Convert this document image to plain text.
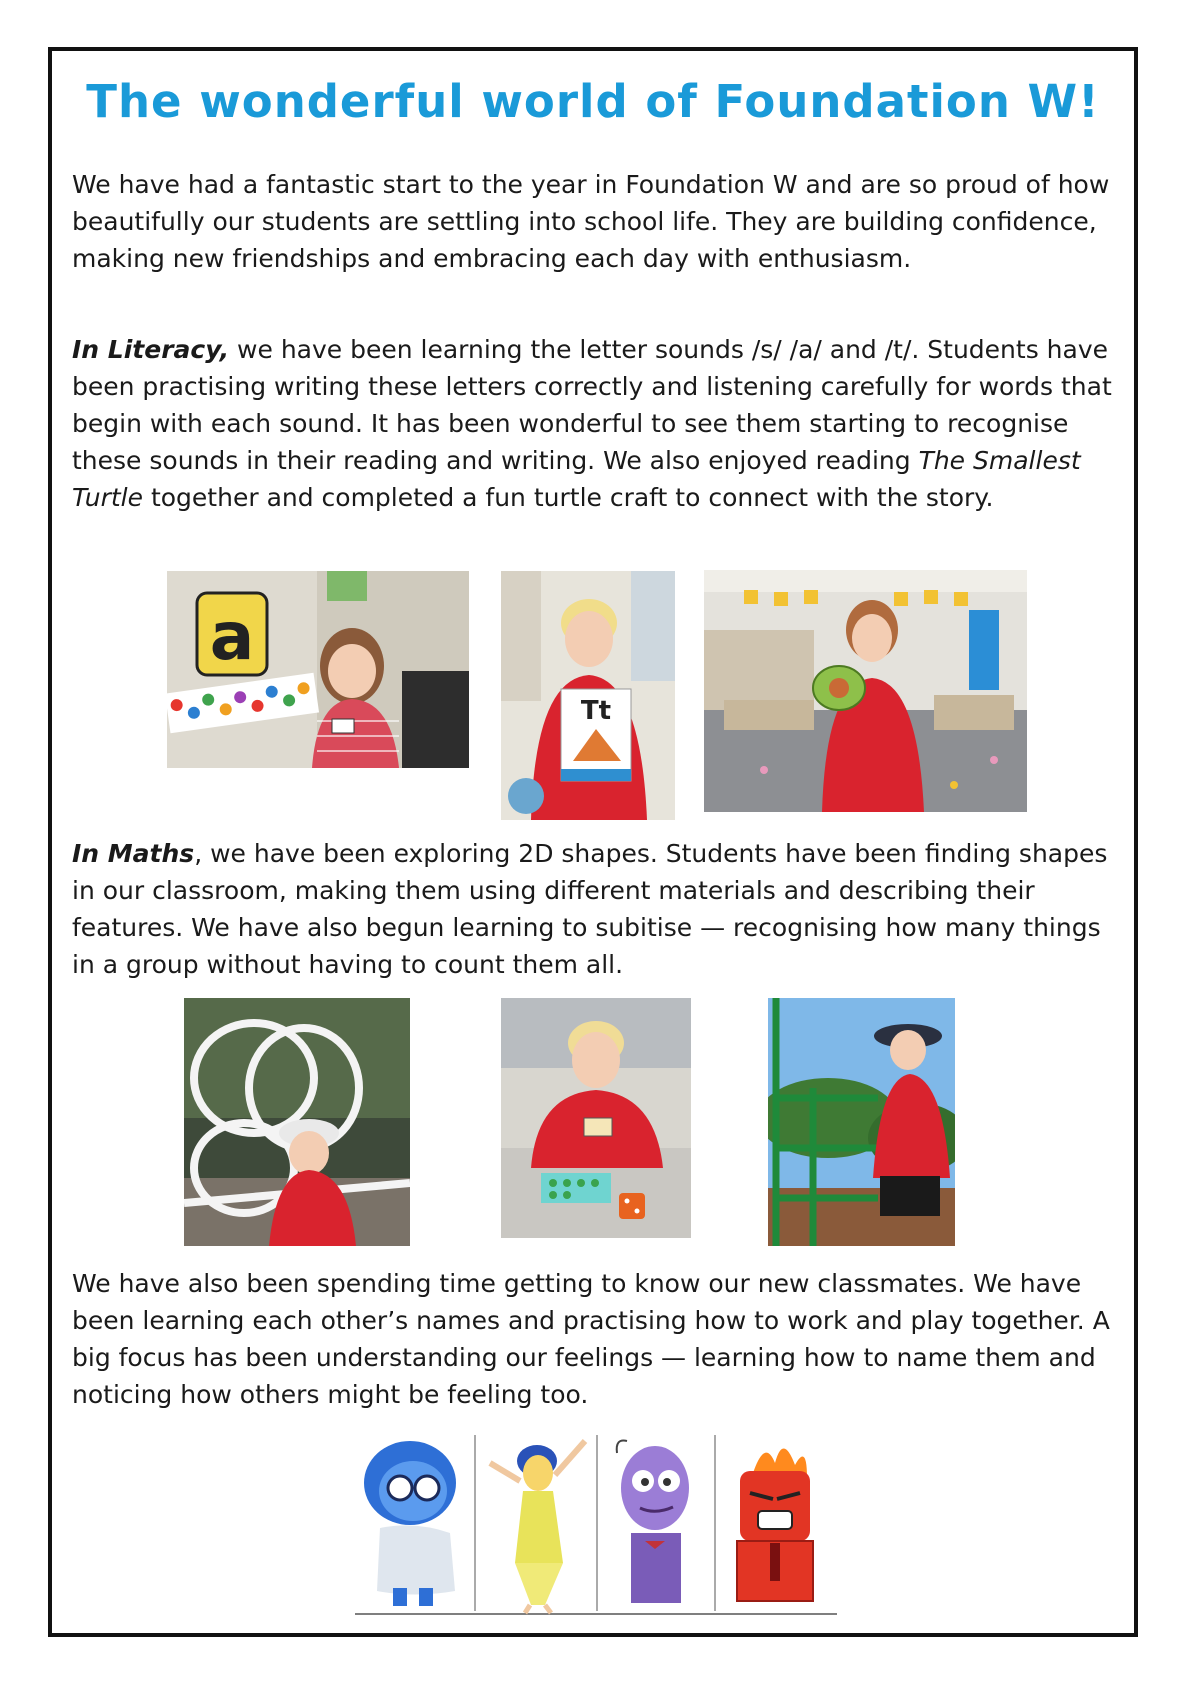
The wonderful world of Foundation W!

We have had a fantastic start to the year in Foundation W and are so proud of how beautifully our students are settling into school life. They are building confidence, making new friendships and embracing each day with enthusiasm.

In Literacy, we have been learning the letter sounds /s/ /a/ and /t/. Students have been practising writing these letters correctly and listening carefully for words that begin with each sound. It has been wonderful to see them starting to recognise these sounds in their reading and writing. We also enjoyed reading The Smallest Turtle together and completed a fun turtle craft to connect with the story.

a
Tt

In Maths, we have been exploring 2D shapes. Students have been finding shapes in our classroom, making them using different materials and describing their features. We have also begun learning to subitise — recognising how many things in a group without having to count them all.

We have also been spending time getting to know our new classmates. We have been learning each other’s names and practising how to work and play together. A big focus has been understanding our feelings — learning how to name them and noticing how others might be feeling too.
